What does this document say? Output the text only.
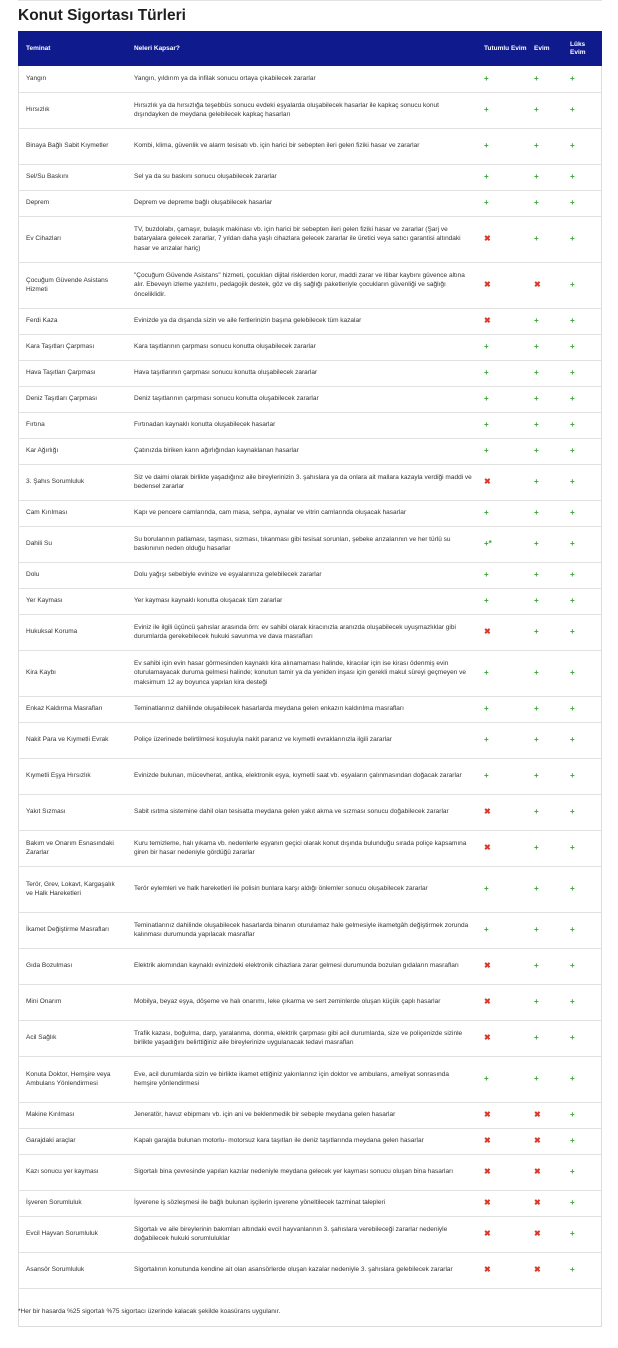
Konut Sigortası Türleri
Teminat	Neleri Kapsar?	Tutumlu Evim	Evim	Lüks Evim
Yangın	Yangın, yıldırım ya da infilak sonucu ortaya çıkabilecek zararlar	+	+	+
Hırsızlık	Hırsızlık ya da hırsızlığa teşebbüs sonucu evdeki eşyalarda oluşabilecek hasarlar ile kapkaç sonucu konut dışındayken de meydana gelebilecek kapkaç hasarları	+	+	+
Binaya Bağlı Sabit Kıymetler	Kombi, klima, güvenlik ve alarm tesisatı vb. için harici bir sebepten ileri gelen fiziki hasar ve zararlar	+	+	+
Sel/Su Baskını	Sel ya da su baskını sonucu oluşabilecek zararlar	+	+	+
Deprem	Deprem ve depreme bağlı oluşabilecek hasarlar	+	+	+
Ev Cihazları	TV, buzdolabı, çamaşır, bulaşık makinası vb. için harici bir sebepten ileri gelen fiziki hasar ve zararlar (Şarj ve bataryalara gelecek zararlar, 7 yıldan daha yaşlı cihazlara gelecek zararlar ile üretici veya satıcı garantisi altındaki hasar ve arızalar hariç)	✖	+	+
Çocuğum Güvende Asistans Hizmeti	"Çocuğum Güvende Asistans" hizmeti, çocukları dijital risklerden korur, maddi zarar ve itibar kaybını güvence altına alır. Ebeveyn izleme yazılımı, pedagojik destek, göz ve diş sağlığı paketleriyle çocukların güvenliği ve sağlığı önceliklidir.	✖	✖	+
Ferdi Kaza	Evinizde ya da dışarıda sizin ve aile fertlerinizin başına gelebilecek tüm kazalar	✖	+	+
Kara Taşıtları Çarpması	Kara taşıtlarının çarpması sonucu konutta oluşabilecek zararlar	+	+	+
Hava Taşıtları Çarpması	Hava taşıtlarının çarpması sonucu konutta oluşabilecek zararlar	+	+	+
Deniz Taşıtları Çarpması	Deniz taşıtlarının çarpması sonucu konutta oluşabilecek zararlar	+	+	+
Fırtına	Fırtınadan kaynaklı konutta oluşabilecek hasarlar	+	+	+
Kar Ağırlığı	Çatınızda biriken karın ağırlığından kaynaklanan hasarlar	+	+	+
3. Şahıs Sorumluluk	Siz ve daimi olarak birlikte yaşadığınız aile bireylerinizin 3. şahıslara ya da onlara ait mallara kazayla verdiği maddi ve bedensel zararlar	✖	+	+
Cam Kırılması	Kapı ve pencere camlarında, cam masa, sehpa, aynalar ve vitrin camlarında oluşacak hasarlar	+	+	+
Dahili Su	Su borularının patlaması, taşması, sızması, tıkanması gibi tesisat sorunları, şebeke arızalarının ve her türlü su baskınının neden olduğu hasarlar	+*	+	+
Dolu	Dolu yağışı sebebiyle evinize ve eşyalarınıza gelebilecek zararlar	+	+	+
Yer Kayması	Yer kayması kaynaklı konutta oluşacak tüm zararlar	+	+	+
Hukuksal Koruma	Eviniz ile ilgili üçüncü şahıslar arasında örn: ev sahibi olarak kiracınızla aranızda oluşabilecek uyuşmazlıklar gibi durumlarda gerekebilecek hukuki savunma ve dava masrafları	✖	+	+
Kira Kaybı	Ev sahibi için evin hasar görmesinden kaynaklı kira alınamaması halinde, kiracılar için ise kirası ödenmiş evin oturulamayacak duruma gelmesi halinde; konutun tamir ya da yeniden inşası için gerekli makul süreyi geçmeyen ve maksimum 12 ay boyunca yapılan kira desteği	+	+	+
Enkaz Kaldırma Masrafları	Teminatlarınız dahilinde oluşabilecek hasarlarda meydana gelen enkazın kaldırılma masrafları	+	+	+
Nakit Para ve Kıymetli Evrak	Poliçe üzerinede belirtilmesi koşuluyla nakit paranız ve kıymetli evraklarınızla ilgili zararlar	+	+	+
Kıymetli Eşya Hırsızlık	Evinizde bulunan, mücevherat, antika, elektronik eşya, kıymetli saat vb. eşyaların çalınmasından doğacak zararlar	+	+	+
Yakıt Sızması	Sabit ısıtma sistemine dahil olan tesisatta meydana gelen yakıt akma ve sızması sonucu doğabilecek zararlar	✖	+	+
Bakım ve Onarım Esnasındaki Zararlar	Kuru temizleme, halı yıkama vb. nedenlerle eşyanın geçici olarak konut dışında bulunduğu sırada poliçe kapsamına giren bir hasar nedeniyle gördüğü zararlar	✖	+	+
Terör, Grev, Lokavt, Kargaşalık ve Halk Hareketleri	Terör eylemleri ve halk hareketleri ile polisin bunlara karşı aldığı önlemler sonucu oluşabilecek zararlar	+	+	+
İkamet Değiştirme Masrafları	Teminatlarınız dahilinde oluşabilecek hasarlarda binanın oturulamaz hale gelmesiyle ikametgâh değiştirmek zorunda kalınması durumunda yapılacak masraflar	+	+	+
Gıda Bozulması	Elektrik akımından kaynaklı evinizdeki elektronik cihazlara zarar gelmesi durumunda bozulan gıdaların masrafları	✖	+	+
Mini Onarım	Mobilya, beyaz eşya, döşeme ve halı onarımı, leke çıkarma ve sert zeminlerde oluşan küçük çaplı hasarlar	✖	+	+
Acil Sağlık	Trafik kazası, boğulma, darp, yaralanma, donma, elektrik çarpması gibi acil durumlarda, size ve poliçenizde sizinle birlikte yaşadığını belirttiğiniz aile bireylerinize uygulanacak tedavi masrafları	✖	+	+
Konuta Doktor, Hemşire veya Ambulans Yönlendirmesi	Eve, acil durumlarda sizin ve birlikte ikamet ettiğiniz yakınlarınız için doktor ve ambulans, ameliyat sonrasında hemşire yönlendirmesi	+	+	+
Makine Kırılması	Jeneratör, havuz ebipmanı vb. için ani ve beklenmedik bir sebeple meydana gelen hasarlar	✖	✖	+
Garajdaki araçlar	Kapalı garajda bulunan motorlu- motorsuz kara taşıtları ile deniz taşıtlarında meydana gelen hasarlar	✖	✖	+
Kazı sonucu yer kayması	Sigortalı bina çevresinde yapılan kazılar nedeniyle meydana gelecek yer kayması sonucu oluşan bina hasarları	✖	✖	+
İşveren Sorumluluk	İşverene iş sözleşmesi ile bağlı bulunan işçilerin işverene yöneltilecek tazminat talepleri	✖	✖	+
Evcil Hayvan Sorumluluk	Sigortalı ve aile bireylerinin bakımları altındaki evcil hayvanlarının 3. şahıslara verebileceği zararlar nedeniyle doğabilecek hukuki sorumluluklar	✖	✖	+
Asansör Sorumluluk	Sigortalının konutunda kendine ait olan asansörlerde oluşan kazalar nedeniyle 3. şahıslara gelebilecek zararlar	✖	✖	+
*Her bir hasarda %25 sigortalı %75 sigortacı üzerinde kalacak şekilde koasürans uygulanır.
